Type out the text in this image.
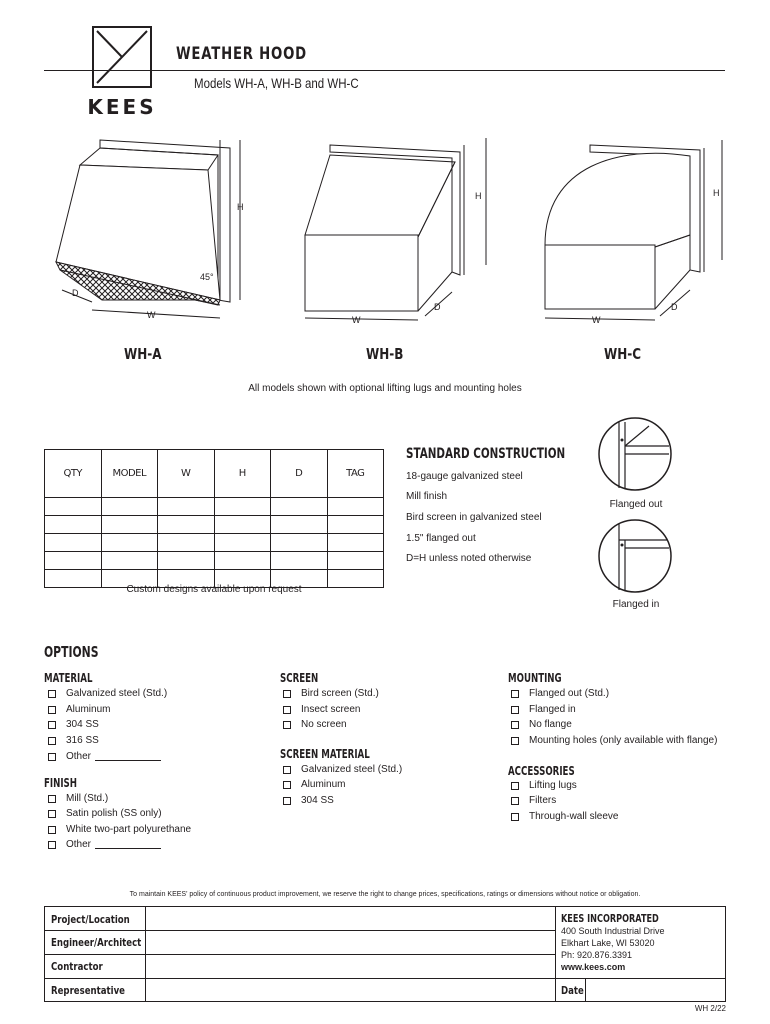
KEES
WEATHER HOOD
Models WH-A, WH-B and WH-C
H
45°
D
W
H
D
W
H
D
W
WH-A	WH-B	WH-C
All models shown with optional lifting lugs and mounting holes
QTY	MODEL	W	H	D	TAG

Custom designs available upon request
STANDARD CONSTRUCTION
18-gauge galvanized steel
Mill finish
Bird screen in galvanized steel
1.5" flanged out
D=H unless noted otherwise
Flanged out
Flanged in
OPTIONS
MATERIAL
Galvanized steel (Std.)
Aluminum
304 SS
316 SS
Other
FINISH
Mill (Std.)
Satin polish (SS only)
White two-part polyurethane
Other
SCREEN
Bird screen (Std.)
Insect screen
No screen
SCREEN MATERIAL
Galvanized steel (Std.)
Aluminum
304 SS
MOUNTING
Flanged out (Std.)
Flanged in
No flange
Mounting holes (only available with flange)
ACCESSORIES
Lifting lugs
Filters
Through-wall sleeve
To maintain KEES' policy of continuous product improvement, we reserve the right to change prices, specifications, ratings or dimensions without notice or obligation.
Project/Location
Engineer/Architect
Contractor
Representative
KEES INCORPORATED
400 South Industrial Drive
Elkhart Lake, WI 53020
Ph: 920.876.3391
www.kees.com
Date
WH 2/22
